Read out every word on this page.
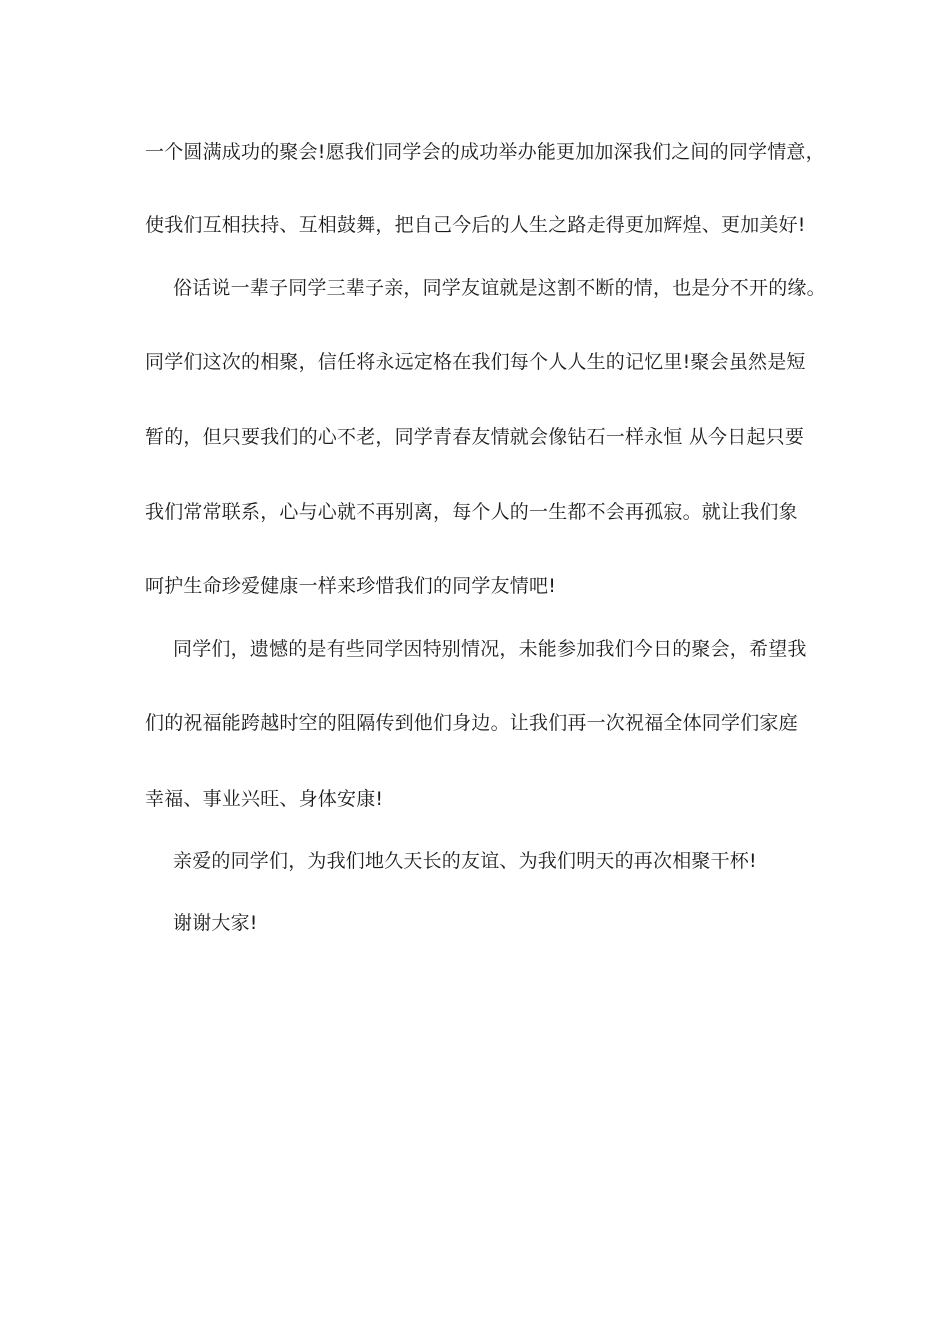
一个圆满成功的聚会!愿我们同学会的成功举办能更加加深我们之间的同学情意，
使我们互相扶持、互相鼓舞，把自己今后的人生之路走得更加辉煌、更加美好!
俗话说一辈子同学三辈子亲，同学友谊就是这割不断的情，也是分不开的缘。
同学们这次的相聚，信任将永远定格在我们每个人人生的记忆里!聚会虽然是短
暂的，但只要我们的心不老，同学青春友情就会像钻石一样永恒 从今日起只要
我们常常联系，心与心就不再别离，每个人的一生都不会再孤寂。就让我们象
呵护生命珍爱健康一样来珍惜我们的同学友情吧!
同学们，遗憾的是有些同学因特别情况，未能参加我们今日的聚会，希望我
们的祝福能跨越时空的阻隔传到他们身边。让我们再一次祝福全体同学们家庭
幸福、事业兴旺、身体安康!
亲爱的同学们，为我们地久天长的友谊、为我们明天的再次相聚干杯!
谢谢大家!
